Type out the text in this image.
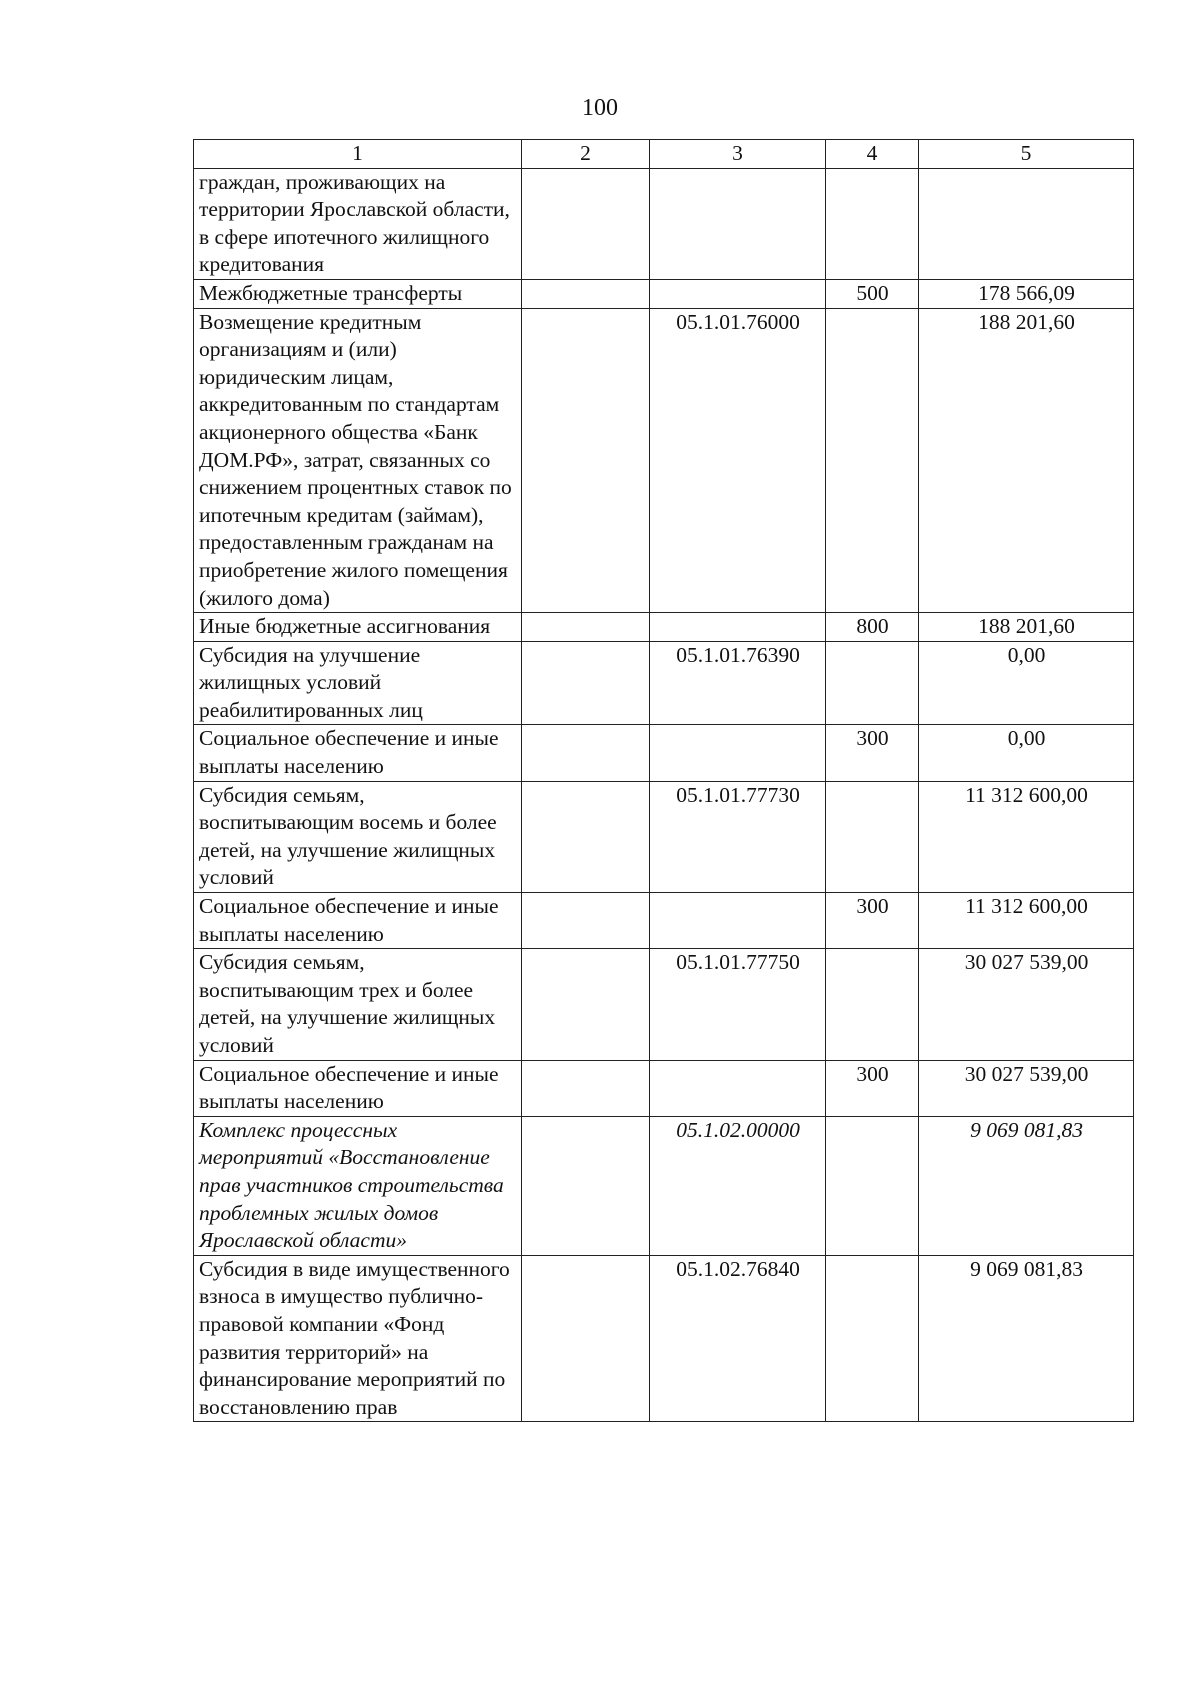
100
1	2	3	4	5
граждан, проживающих на территории Ярославской области, в сфере ипотечного жилищного кредитования				
Межбюджетные трансферты			500	178 566,09
Возмещение кредитным организациям и (или) юридическим лицам, аккредитованным по стандартам акционерного общества «Банк ДОМ.РФ», затрат, связанных со снижением процентных ставок по ипотечным кредитам (займам), предоставленным гражданам на приобретение жилого помещения (жилого дома)		05.1.01.76000		188 201,60
Иные бюджетные ассигнования			800	188 201,60
Субсидия на улучшение жилищных условий реабилитированных лиц		05.1.01.76390		0,00
Социальное обеспечение и иные выплаты населению			300	0,00
Субсидия семьям, воспитывающим восемь и более детей, на улучшение жилищных условий		05.1.01.77730		11 312 600,00
Социальное обеспечение и иные выплаты населению			300	11 312 600,00
Субсидия семьям, воспитывающим трех и более детей, на улучшение жилищных условий		05.1.01.77750		30 027 539,00
Социальное обеспечение и иные выплаты населению			300	30 027 539,00
Комплекс процессных мероприятий «Восстановление прав участников строительства проблемных жилых домов Ярославской области»		05.1.02.00000		9 069 081,83
Субсидия в виде имущественного взноса в имущество публично-правовой компании «Фонд развития территорий» на финансирование мероприятий по восстановлению прав		05.1.02.76840		9 069 081,83
